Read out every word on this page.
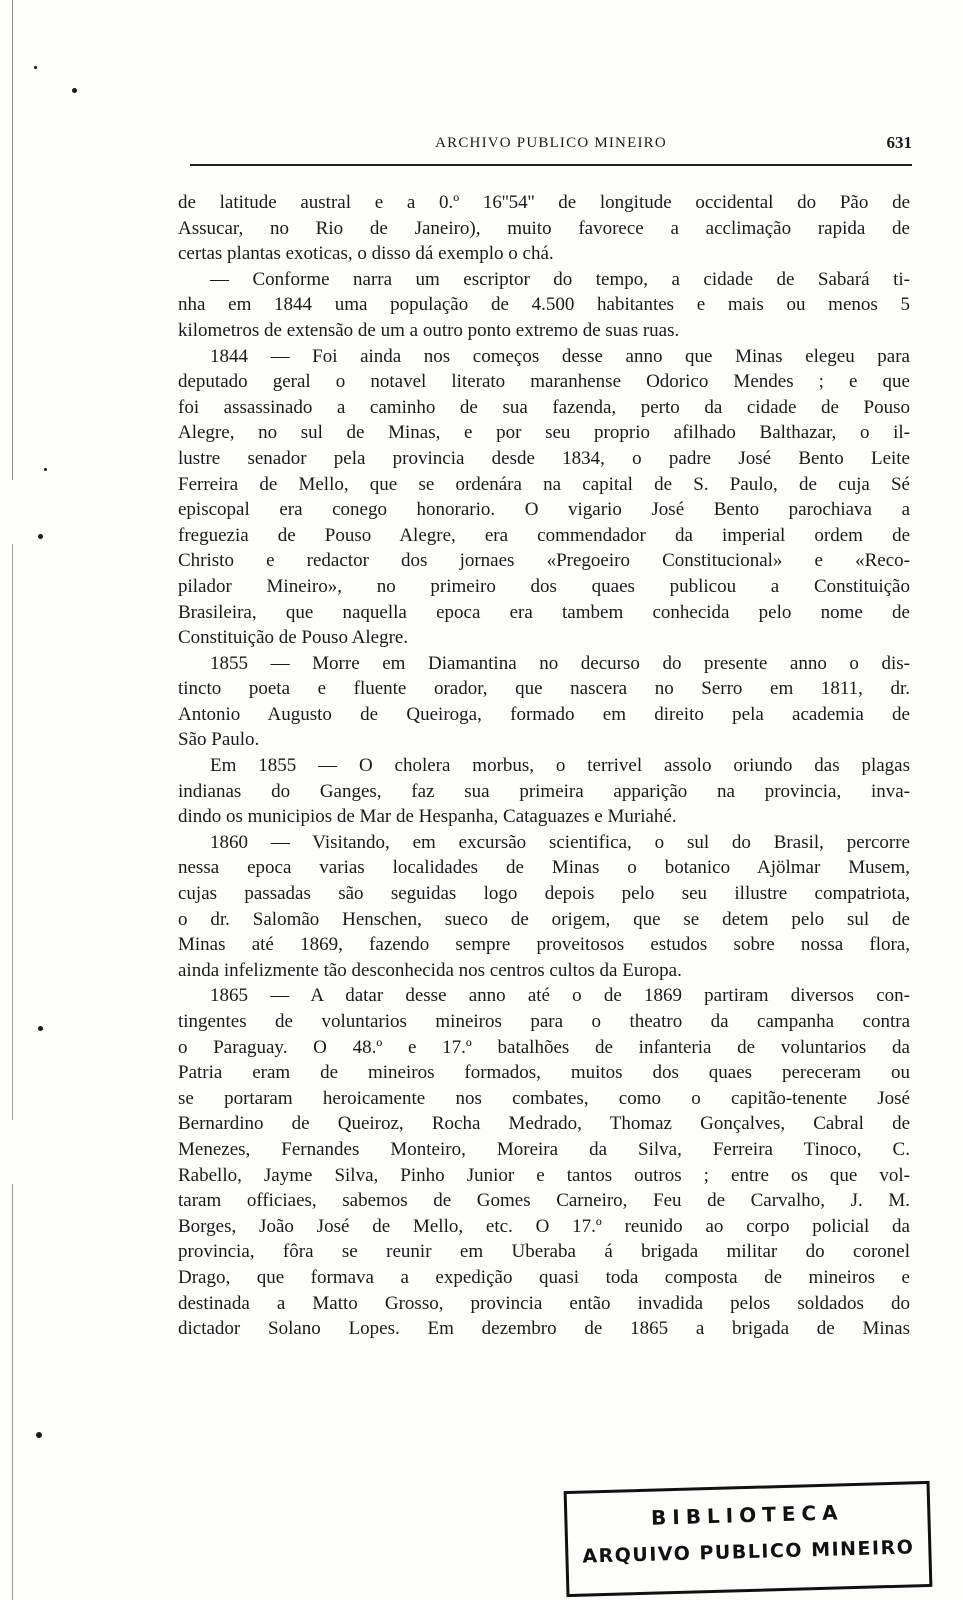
ARCHIVO PUBLICO MINEIRO	631
de latitude austral e a 0.º 16''54'' de longitude occidental do Pão de
Assucar, no Rio de Janeiro), muito favorece a acclimação rapida de
certas plantas exoticas, o disso dá exemplo o chá.
— Conforme narra um escriptor do tempo, a cidade de Sabará ti-
nha em 1844 uma população de 4.500 habitantes e mais ou menos 5
kilometros de extensão de um a outro ponto extremo de suas ruas.
1844 — Foi ainda nos começos desse anno que Minas elegeu para
deputado geral o notavel literato maranhense Odorico Mendes ; e que
foi assassinado a caminho de sua fazenda, perto da cidade de Pouso
Alegre, no sul de Minas, e por seu proprio afilhado Balthazar, o il-
lustre senador pela provincia desde 1834, o padre José Bento Leite
Ferreira de Mello, que se ordenára na capital de S. Paulo, de cuja Sé
episcopal era conego honorario. O vigario José Bento parochiava a
freguezia de Pouso Alegre, era commendador da imperial ordem de
Christo e redactor dos jornaes «Pregoeiro Constitucional» e «Reco-
pilador Mineiro», no primeiro dos quaes publicou a Constituição
Brasileira, que naquella epoca era tambem conhecida pelo nome de
Constituição de Pouso Alegre.
1855 — Morre em Diamantina no decurso do presente anno o dis-
tincto poeta e fluente orador, que nascera no Serro em 1811, dr.
Antonio Augusto de Queiroga, formado em direito pela academia de
São Paulo.
Em 1855 — O cholera morbus, o terrivel assolo oriundo das plagas
indianas do Ganges, faz sua primeira apparição na provincia, inva-
dindo os municipios de Mar de Hespanha, Cataguazes e Muriahé.
1860 — Visitando, em excursão scientifica, o sul do Brasil, percorre
nessa epoca varias localidades de Minas o botanico Ajölmar Musem,
cujas passadas são seguidas logo depois pelo seu illustre compatriota,
o dr. Salomão Henschen, sueco de origem, que se detem pelo sul de
Minas até 1869, fazendo sempre proveitosos estudos sobre nossa flora,
ainda infelizmente tão desconhecida nos centros cultos da Europa.
1865 — A datar desse anno até o de 1869 partiram diversos con-
tingentes de voluntarios mineiros para o theatro da campanha contra
o Paraguay. O 48.º e 17.º batalhões de infanteria de voluntarios da
Patria eram de mineiros formados, muitos dos quaes pereceram ou
se portaram heroicamente nos combates, como o capitão-tenente José
Bernardino de Queiroz, Rocha Medrado, Thomaz Gonçalves, Cabral de
Menezes, Fernandes Monteiro, Moreira da Silva, Ferreira Tinoco, C.
Rabello, Jayme Silva, Pinho Junior e tantos outros ; entre os que vol-
taram officiaes, sabemos de Gomes Carneiro, Feu de Carvalho, J. M.
Borges, João José de Mello, etc. O 17.º reunido ao corpo policial da
provincia, fôra se reunir em Uberaba á brigada militar do coronel
Drago, que formava a expedição quasi toda composta de mineiros e
destinada a Matto Grosso, provincia então invadida pelos soldados do
dictador Solano Lopes. Em dezembro de 1865 a brigada de Minas
BIBLIOTECA
ARQUIVO PUBLICO MINEIRO
